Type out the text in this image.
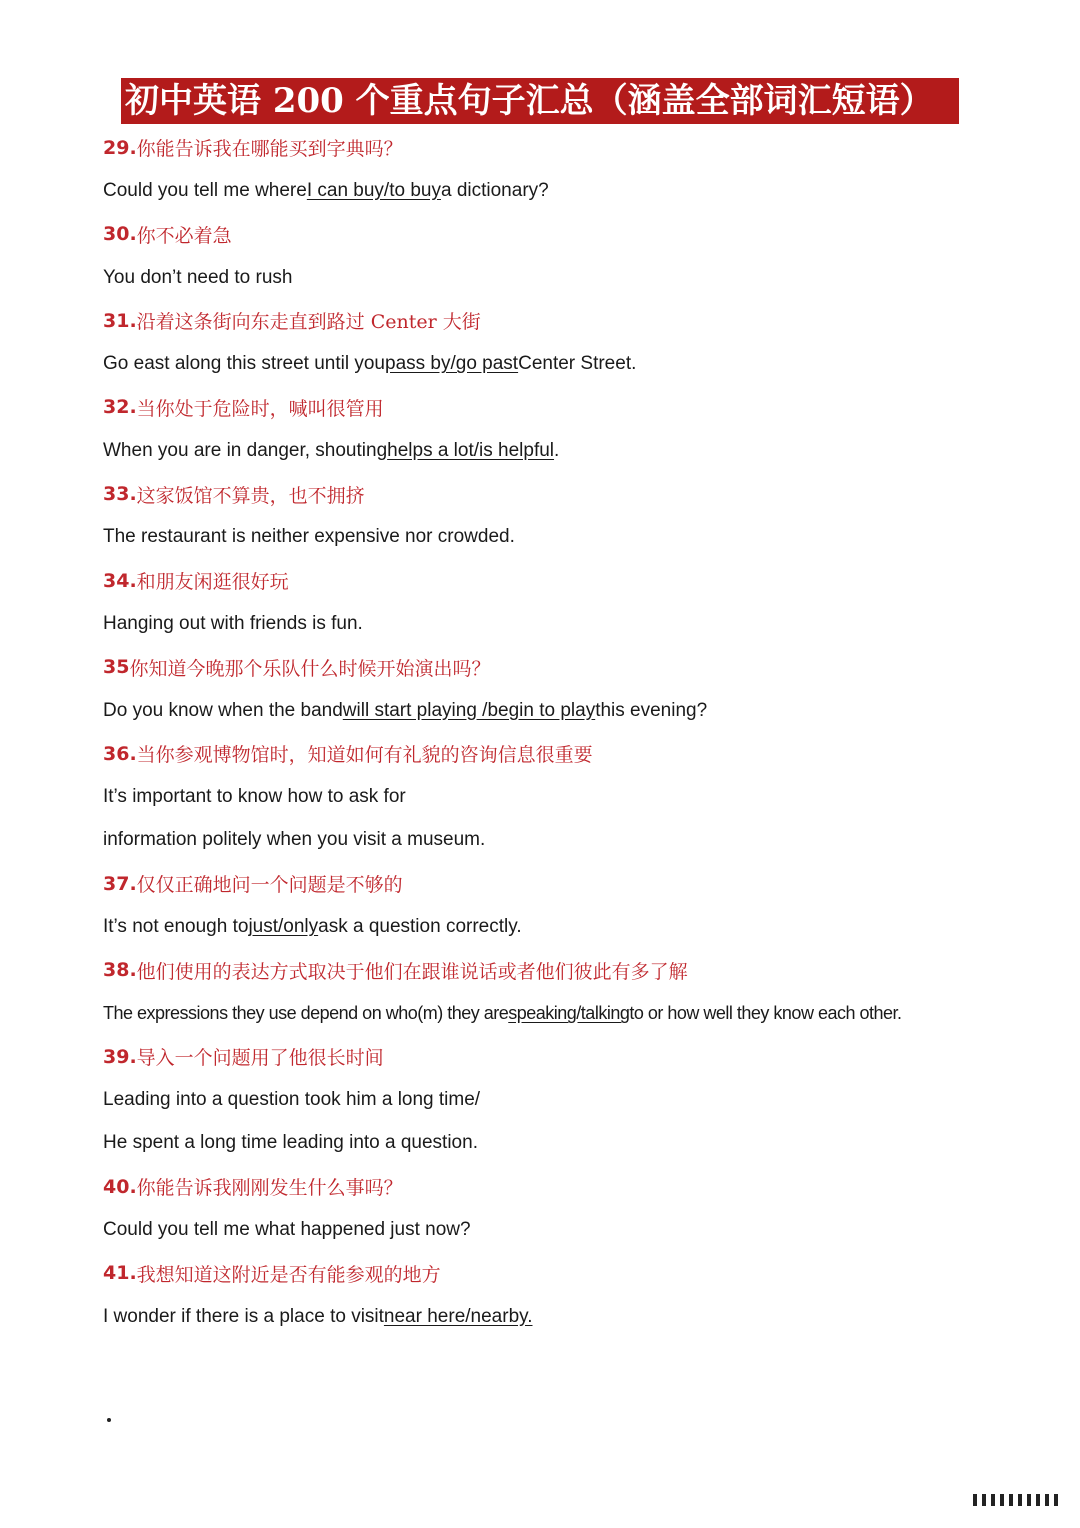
初中英语 200 个重点句子汇总（涵盖全部词汇短语）
29. 你能告诉我在哪能买到字典吗？
Could you tell me where I can buy/to buy a dictionary?
30. 你不必着急
You don’t need to rush
31. 沿着这条街向东走直到路过 Center 大街
Go east along this street until you pass by/go past Center Street.
32. 当你处于危险时，喊叫很管用
When you are in danger, shouting helps a lot/is helpful .
33. 这家饭馆不算贵，也不拥挤
The restaurant is neither expensive nor crowded.
34. 和朋友闲逛很好玩
Hanging out with friends is fun.
35 你知道今晚那个乐队什么时候开始演出吗？
Do you know when the band will start playing /begin to play this evening?
36. 当你参观博物馆时，知道如何有礼貌的咨询信息很重要
It’s important to know how to ask for
information politely when you visit a museum.
37. 仅仅正确地问一个问题是不够的
It’s not enough to just/only ask a question correctly.
38. 他们使用的表达方式取决于他们在跟谁说话或者他们彼此有多了解
The expressions they use depend on who(m) they are speaking/talking to or how well they know each other.
39. 导入一个问题用了他很长时间
Leading into a question took him a long time/
He spent a long time leading into a question.
40. 你能告诉我刚刚发生什么事吗？
Could you tell me what happened just now?
41. 我想知道这附近是否有能参观的地方
I wonder if there is a place to visit near here/nearby.
